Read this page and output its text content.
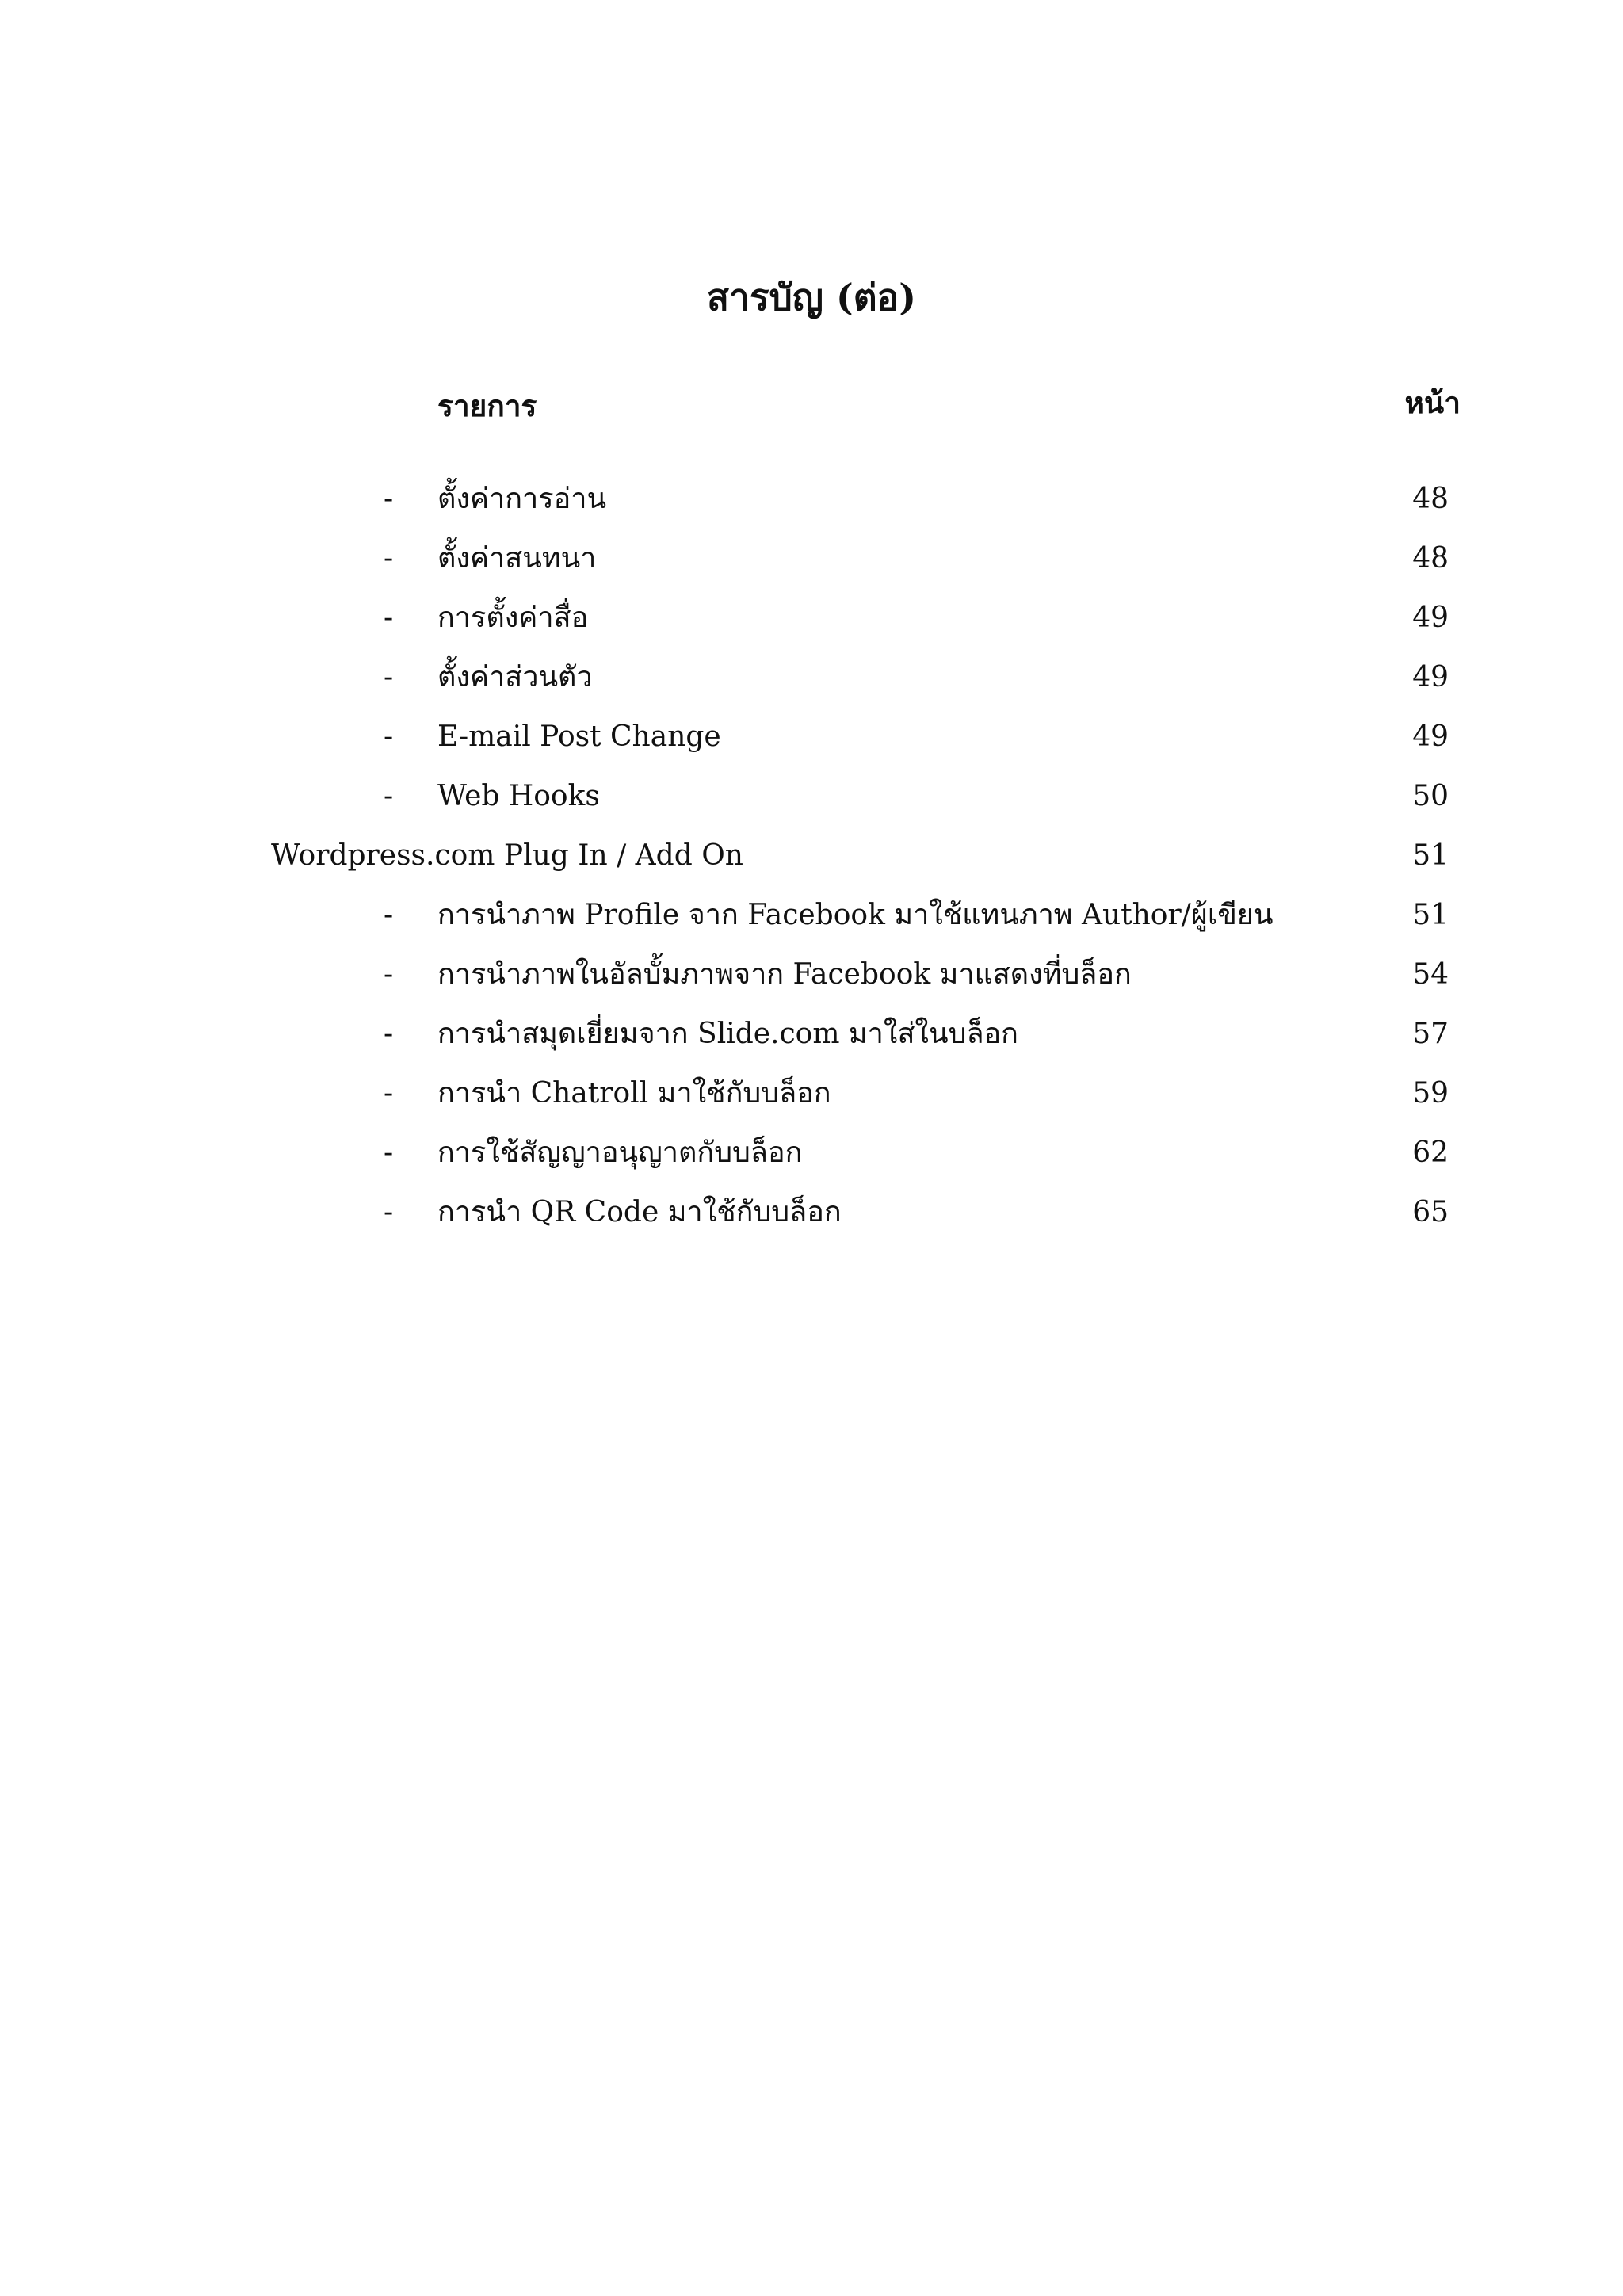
สารบัญ (ต่อ)
รายการ	หน้า
- ตั้งค่าการอ่าน	48
- ตั้งค่าสนทนา	48
- การตั้งค่าสื่อ	49
- ตั้งค่าส่วนตัว	49
- E-mail Post Change	49
- Web Hooks	50
Wordpress.com Plug In / Add On	51
- การนำภาพ Profile จาก Facebook มาใช้แทนภาพ Author/ผู้เขียน	51
- การนำภาพในอัลบั้มภาพจาก Facebook มาแสดงที่บล็อก	54
- การนำสมุดเยี่ยมจาก Slide.com มาใส่ในบล็อก	57
- การนำ Chatroll มาใช้กับบล็อก	59
- การใช้สัญญาอนุญาตกับบล็อก	62
- การนำ QR Code มาใช้กับบล็อก	65
